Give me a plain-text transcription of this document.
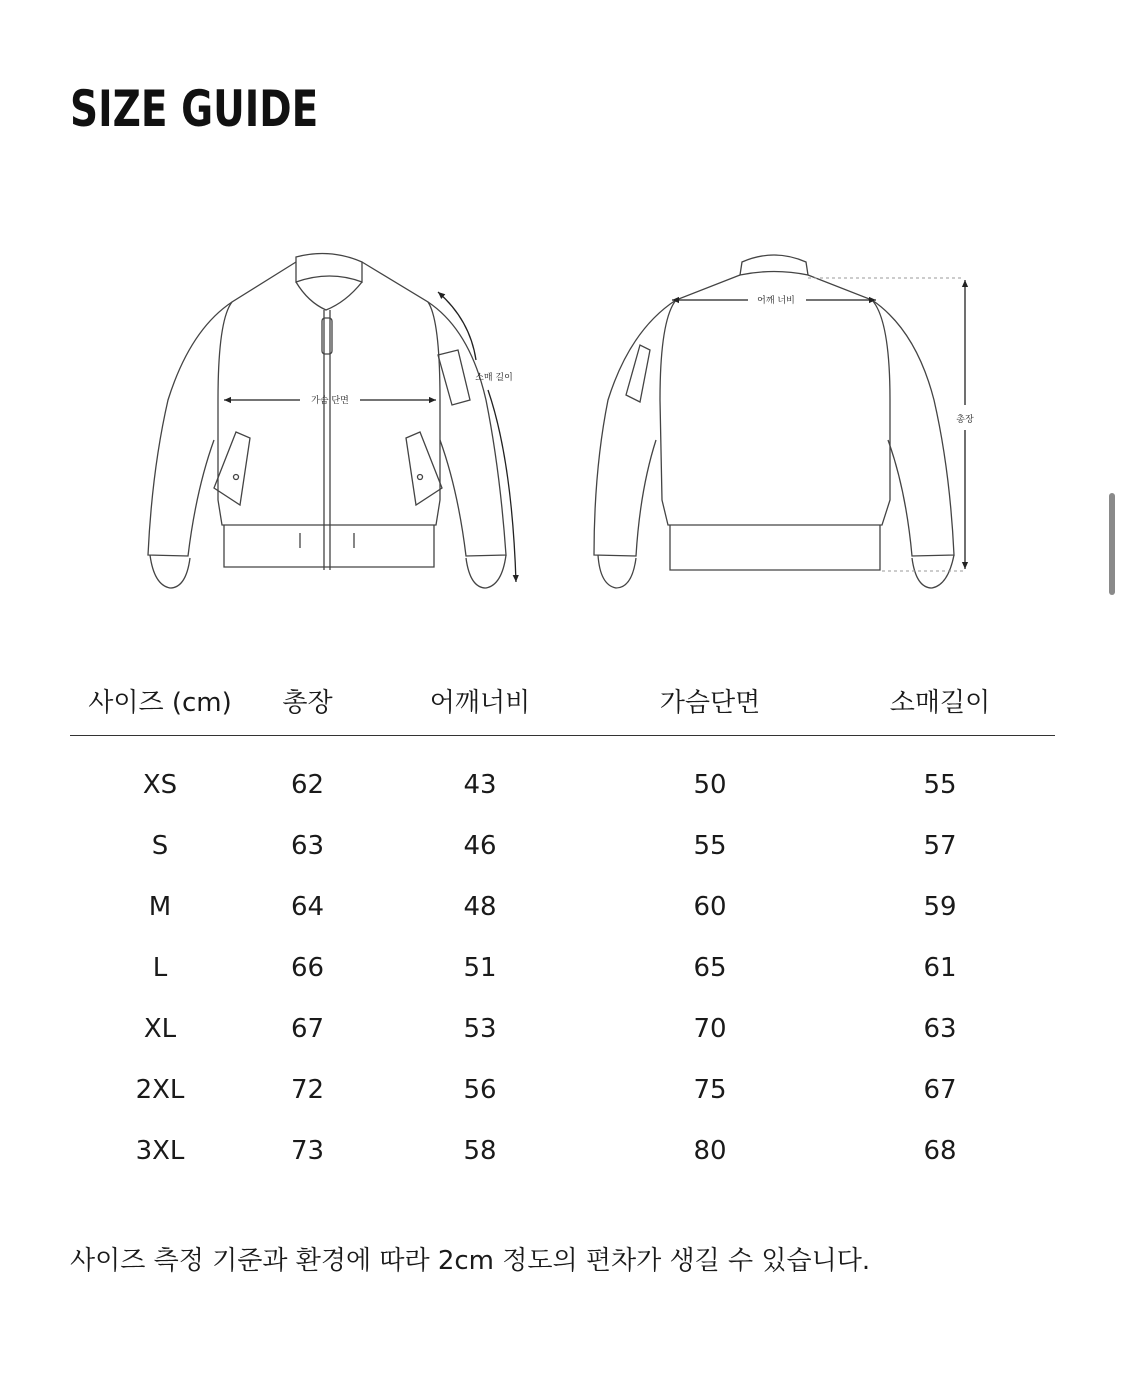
SIZE GUIDE
가슴 단면
소매 길이
어깨 너비
총장
사이즈 (cm)	총장	어깨너비	가슴단면	소매길이
XS	62	43	50	55
S	63	46	55	57
M	64	48	60	59
L	66	51	65	61
XL	67	53	70	63
2XL	72	56	75	67
3XL	73	58	80	68

사이즈 측정 기준과 환경에 따라 2cm 정도의 편차가 생길 수 있습니다.
